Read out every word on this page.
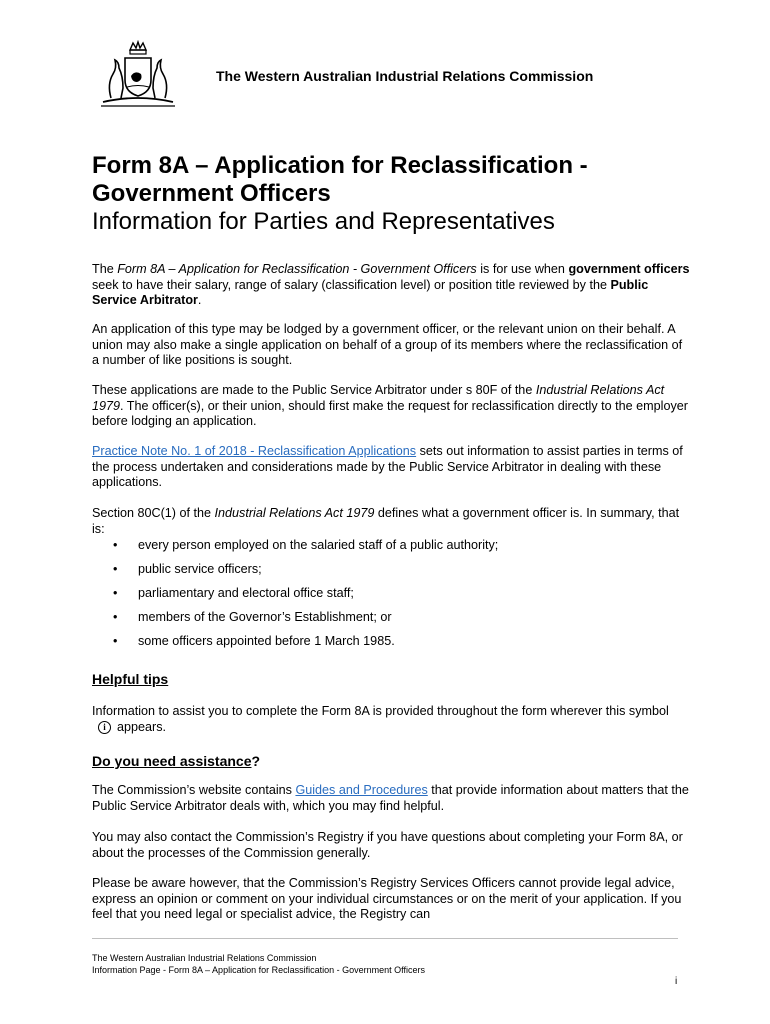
The Western Australian Industrial Relations Commission
Form 8A – Application for Reclassification -
Government Officers
Information for Parties and Representatives
The Form 8A – Application for Reclassification - Government Officers is for use when government officers seek to have their salary, range of salary (classification level) or position title reviewed by the Public Service Arbitrator.
An application of this type may be lodged by a government officer, or the relevant union on their behalf. A union may also make a single application on behalf of a group of its members where the reclassification of a number of like positions is sought.
These applications are made to the Public Service Arbitrator under s 80F of the Industrial Relations Act 1979. The officer(s), or their union, should first make the request for reclassification directly to the employer before lodging an application.
Practice Note No. 1 of 2018 - Reclassification Applications sets out information to assist parties in terms of the process undertaken and considerations made by the Public Service Arbitrator in dealing with these applications.
Section 80C(1) of the Industrial Relations Act 1979 defines what a government officer is. In summary, that is:
• every person employed on the salaried staff of a public authority;
• public service officers;
• parliamentary and electoral office staff;
• members of the Governor’s Establishment; or
• some officers appointed before 1 March 1985.
Helpful tips
Information to assist you to complete the Form 8A is provided throughout the form wherever this symboli appears.
Do you need assistance?
The Commission’s website contains Guides and Procedures that provide information about matters that the Public Service Arbitrator deals with, which you may find helpful.
You may also contact the Commission’s Registry if you have questions about completing your Form 8A, or about the processes of the Commission generally.
Please be aware however, that the Commission’s Registry Services Officers cannot provide legal advice, express an opinion or comment on your individual circumstances or on the merit of your application. If you feel that you need legal or specialist advice, the Registry can
The Western Australian Industrial Relations Commission
Information Page - Form 8A – Application for Reclassification - Government Officers
i
